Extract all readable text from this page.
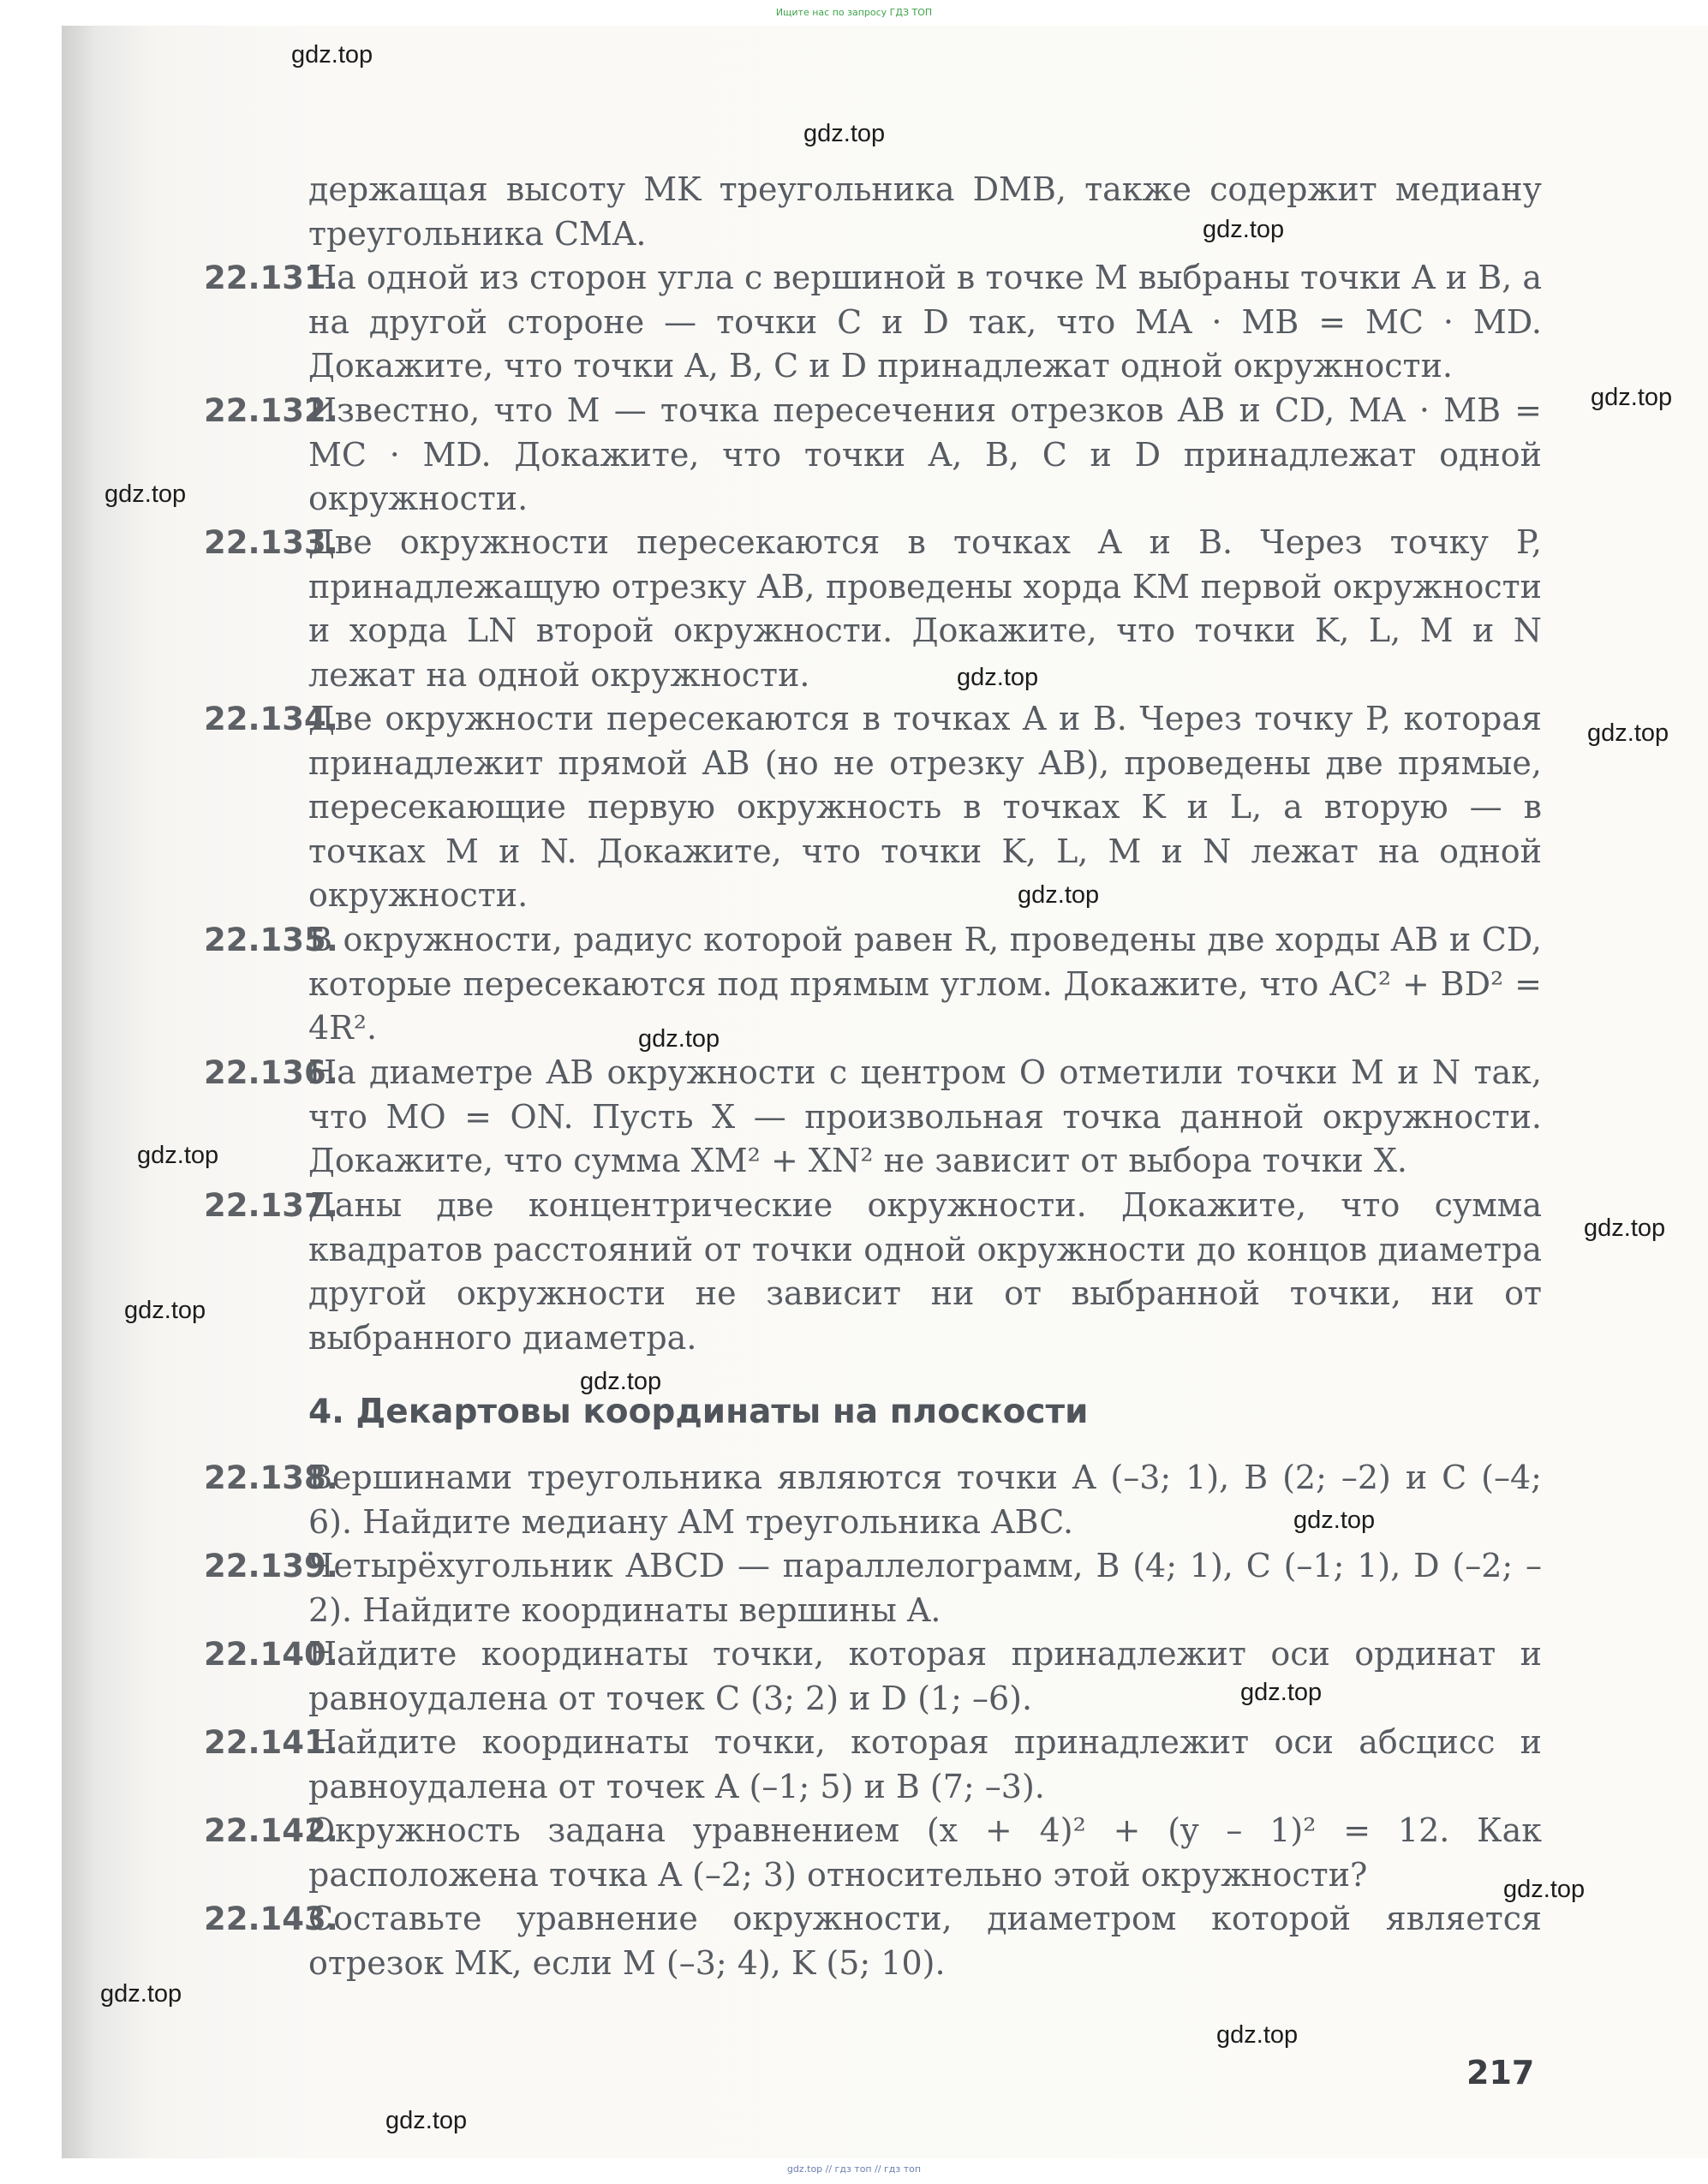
Ищите нас по запросу ГДЗ ТОП
держащая высоту MK треугольника DMB, также содержит медиану треугольника CMA.
22.131.
На одной из сторон угла с вершиной в точке M выбраны точки A и B, а на другой стороне — точки C и D так, что MA · MB = MC · MD. Докажите, что точки A, B, C и D принадлежат одной окружности.
22.132.
Известно, что M — точка пересечения отрезков AB и CD, MA · MB = MC · MD. Докажите, что точки A, B, C и D принадлежат одной окружности.
22.133.
Две окружности пересекаются в точках A и B. Через точку P, принадлежащую отрезку AB, проведены хорда KM первой окружности и хорда LN второй окружности. Докажите, что точки K, L, M и N лежат на одной окружности.
22.134.
Две окружности пересекаются в точках A и B. Через точку P, которая принадлежит прямой AB (но не отрезку AB), проведены две прямые, пересекающие первую окружность в точках K и L, а вторую — в точках M и N. Докажите, что точки K, L, M и N лежат на одной окружности.
22.135.
В окружности, радиус которой равен R, проведены две хорды AB и CD, которые пересекаются под прямым углом. Докажите, что AC² + BD² = 4R².
22.136.
На диаметре AB окружности с центром O отметили точки M и N так, что MO = ON. Пусть X — произвольная точка данной окружности. Докажите, что сумма XM² + XN² не зависит от выбора точки X.
22.137.
Даны две концентрические окружности. Докажите, что сумма квадратов расстояний от точки одной окружности до концов диаметра другой окружности не зависит ни от выбранной точки, ни от выбранного диаметра.
4. Декартовы координаты на плоскости
22.138.
Вершинами треугольника являются точки A (–3; 1), B (2; –2) и C (–4; 6). Найдите медиану AM треугольника ABC.
22.139.
Четырёхугольник ABCD — параллелограмм, B (4; 1), C (–1; 1), D (–2; –2). Найдите координаты вершины A.
22.140.
Найдите координаты точки, которая принадлежит оси ординат и равноудалена от точек C (3; 2) и D (1; –6).
22.141.
Найдите координаты точки, которая принадлежит оси абсцисс и равноудалена от точек A (–1; 5) и B (7; –3).
22.142.
Окружность задана уравнением (x + 4)² + (y – 1)² = 12. Как расположена точка A (–2; 3) относительно этой окружности?
22.143.
Составьте уравнение окружности, диаметром которой является отрезок MK, если M (–3; 4), K (5; 10).
217
gdz.top
gdz.top
gdz.top
gdz.top
gdz.top
gdz.top
gdz.top
gdz.top
gdz.top
gdz.top
gdz.top
gdz.top
gdz.top
gdz.top
gdz.top
gdz.top
gdz.top
gdz.top
gdz.top
gdz.top // гдз топ // гдз топ
